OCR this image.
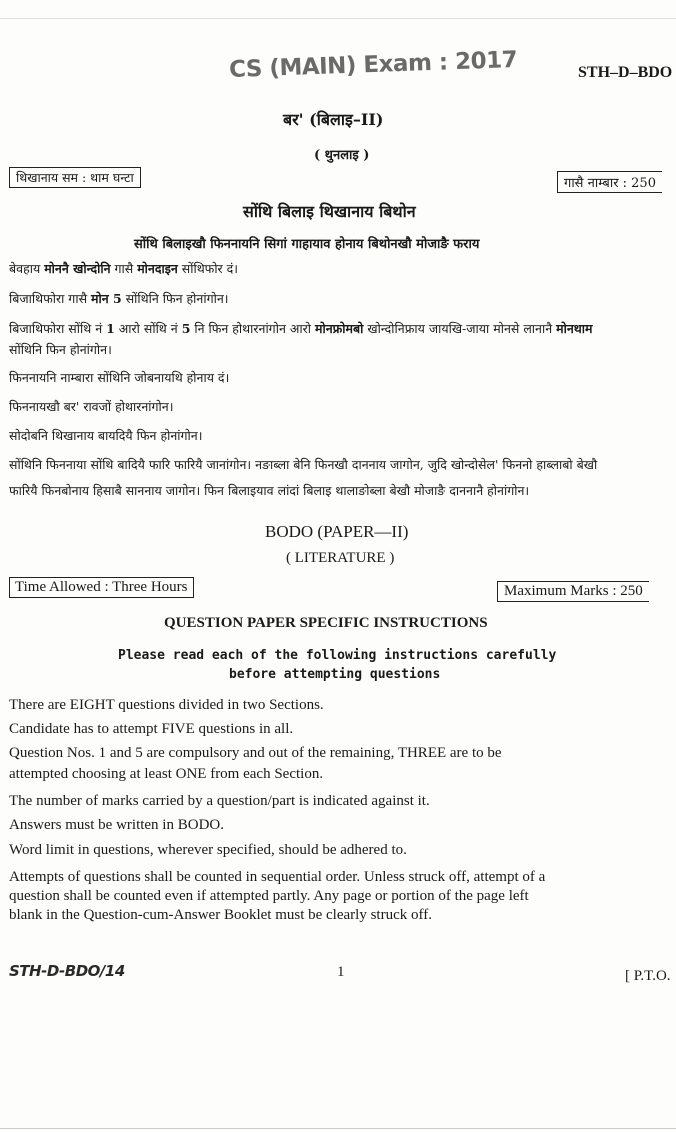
CS (MAIN) Exam : 2017	STH–D–BDO
बर' (बिलाइ–II)
( थुनलाइ )
थिखानाय सम : थाम घन्टा	गासै नाम्बार : 250
सोंथि बिलाइ थिखानाय बिथोन
सोंथि बिलाइखौ फिननायनि सिगां गाहायाव होनाय बिथोनखौ मोजाङै फराय
बेवहाय मोननै खोन्दोनि गासै मोनदाइन सोंथिफोर दं।
बिजाथिफोरा गासै मोन 5 सोंथिनि फिन होनांगोन।
बिजाथिफोरा सोंथि नं 1 आरो सोंथि नं 5 नि फिन होथारनांगोन आरो मोनफ्रोमबो खोन्दोनिफ्राय जायखि-जाया मोनसे लानानै मोनथाम
सोंथिनि फिन होनांगोन।
फिननायनि नाम्बारा सोंथिनि जोबनायथि होनाय दं।
फिननायखौ बर' रावजों होथारनांगोन।
सोदोबनि थिखानाय बायदियै फिन होनांगोन।
सोंथिनि फिननाया सोंथि बादियै फारि फारियै जानांगोन। नङाब्ला बेनि फिनखौ दाननाय जागोन, जुदि खोन्दोसेल' फिननो हाब्लाबो बेखौ
फारियै फिनबोनाय हिसाबै साननाय जागोन। फिन बिलाइयाव लांदां बिलाइ थालाङोब्ला बेखौ मोजाङै दाननानै होनांगोन।
BODO (PAPER—II)
( LITERATURE )
Time Allowed : Three Hours	Maximum Marks : 250
QUESTION PAPER SPECIFIC INSTRUCTIONS
Please read each of the following instructions carefully
before attempting questions
There are EIGHT questions divided in two Sections.
Candidate has to attempt FIVE questions in all.
Question Nos. 1 and 5 are compulsory and out of the remaining, THREE are to be
attempted choosing at least ONE from each Section.
The number of marks carried by a question/part is indicated against it.
Answers must be written in BODO.
Word limit in questions, wherever specified, should be adhered to.
Attempts of questions shall be counted in sequential order. Unless struck off, attempt of a
question shall be counted even if attempted partly. Any page or portion of the page left
blank in the Question-cum-Answer Booklet must be clearly struck off.
STH-D-BDO/14	1	[ P.T.O.
